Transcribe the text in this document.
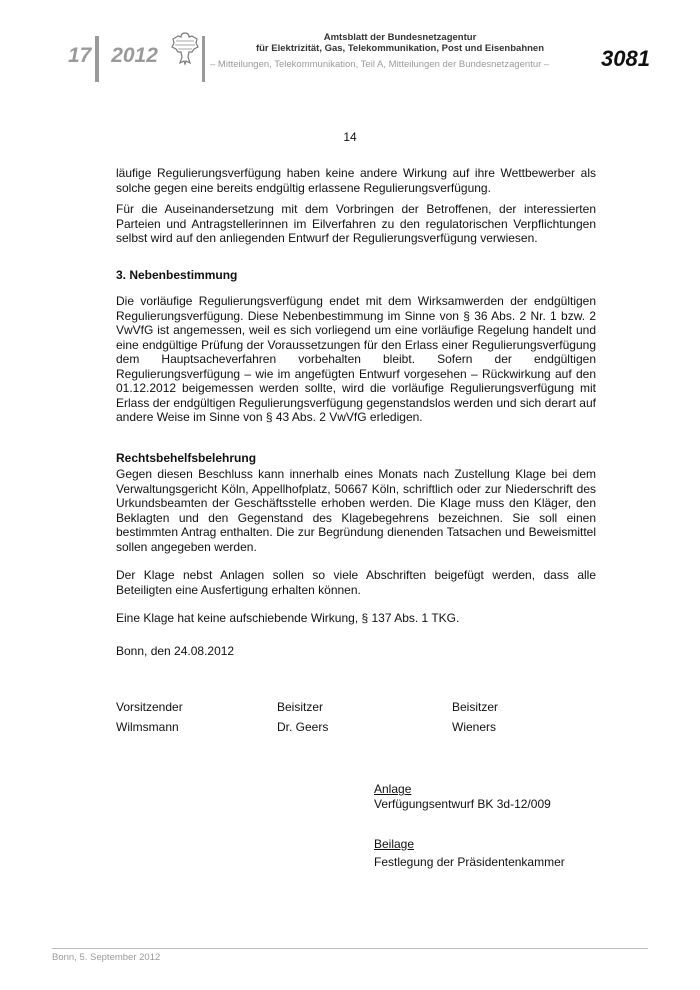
17 2012
Amtsblatt der Bundesnetzagentur
für Elektrizität, Gas, Telekommunikation, Post und Eisenbahnen
– Mitteilungen, Telekommunikation, Teil A, Mitteilungen der Bundesnetzagentur – 3081
14

läufige Regulierungsverfügung haben keine andere Wirkung auf ihre Wettbewerber als solche gegen eine bereits endgültig erlassene Regulierungsverfügung.

Für die Auseinandersetzung mit dem Vorbringen der Betroffenen, der interessierten Parteien und Antragstellerinnen im Eilverfahren zu den regulatorischen Verpflichtungen selbst wird auf den anliegenden Entwurf der Regulierungsverfügung verwiesen.

3. Nebenbestimmung

Die vorläufige Regulierungsverfügung endet mit dem Wirksamwerden der endgültigen Regulierungsverfügung. Diese Nebenbestimmung im Sinne von § 36 Abs. 2 Nr. 1 bzw. 2 VwVfG ist angemessen, weil es sich vorliegend um eine vorläufige Regelung handelt und eine endgültige Prüfung der Voraussetzungen für den Erlass einer Regulierungsverfügung dem Hauptsacheverfahren vorbehalten bleibt. Sofern der endgültigen Regulierungsverfügung – wie im angefügten Entwurf vorgesehen – Rückwirkung auf den 01.12.2012 beigemessen werden sollte, wird die vorläufige Regulierungsverfügung mit Erlass der endgültigen Regulierungsverfügung gegenstandslos werden und sich derart auf andere Weise im Sinne von § 43 Abs. 2 VwVfG erledigen.

Rechtsbehelfsbelehrung

Gegen diesen Beschluss kann innerhalb eines Monats nach Zustellung Klage bei dem Verwaltungsgericht Köln, Appellhofplatz, 50667 Köln, schriftlich oder zur Niederschrift des Urkundsbeamten der Geschäftsstelle erhoben werden. Die Klage muss den Kläger, den Beklagten und den Gegenstand des Klagebegehrens bezeichnen. Sie soll einen bestimmten Antrag enthalten. Die zur Begründung dienenden Tatsachen und Beweismittel sollen angegeben werden.

Der Klage nebst Anlagen sollen so viele Abschriften beigefügt werden, dass alle Beteiligten eine Ausfertigung erhalten können.

Eine Klage hat keine aufschiebende Wirkung, § 137 Abs. 1 TKG.

Bonn, den 24.08.2012
Vorsitzender
Wilmsmann
Beisitzer
Dr. Geers
Beisitzer
Wieners
Anlage
Verfügungsentwurf BK 3d-12/009
Beilage
Festlegung der Präsidentenkammer
Bonn, 5. September 2012
